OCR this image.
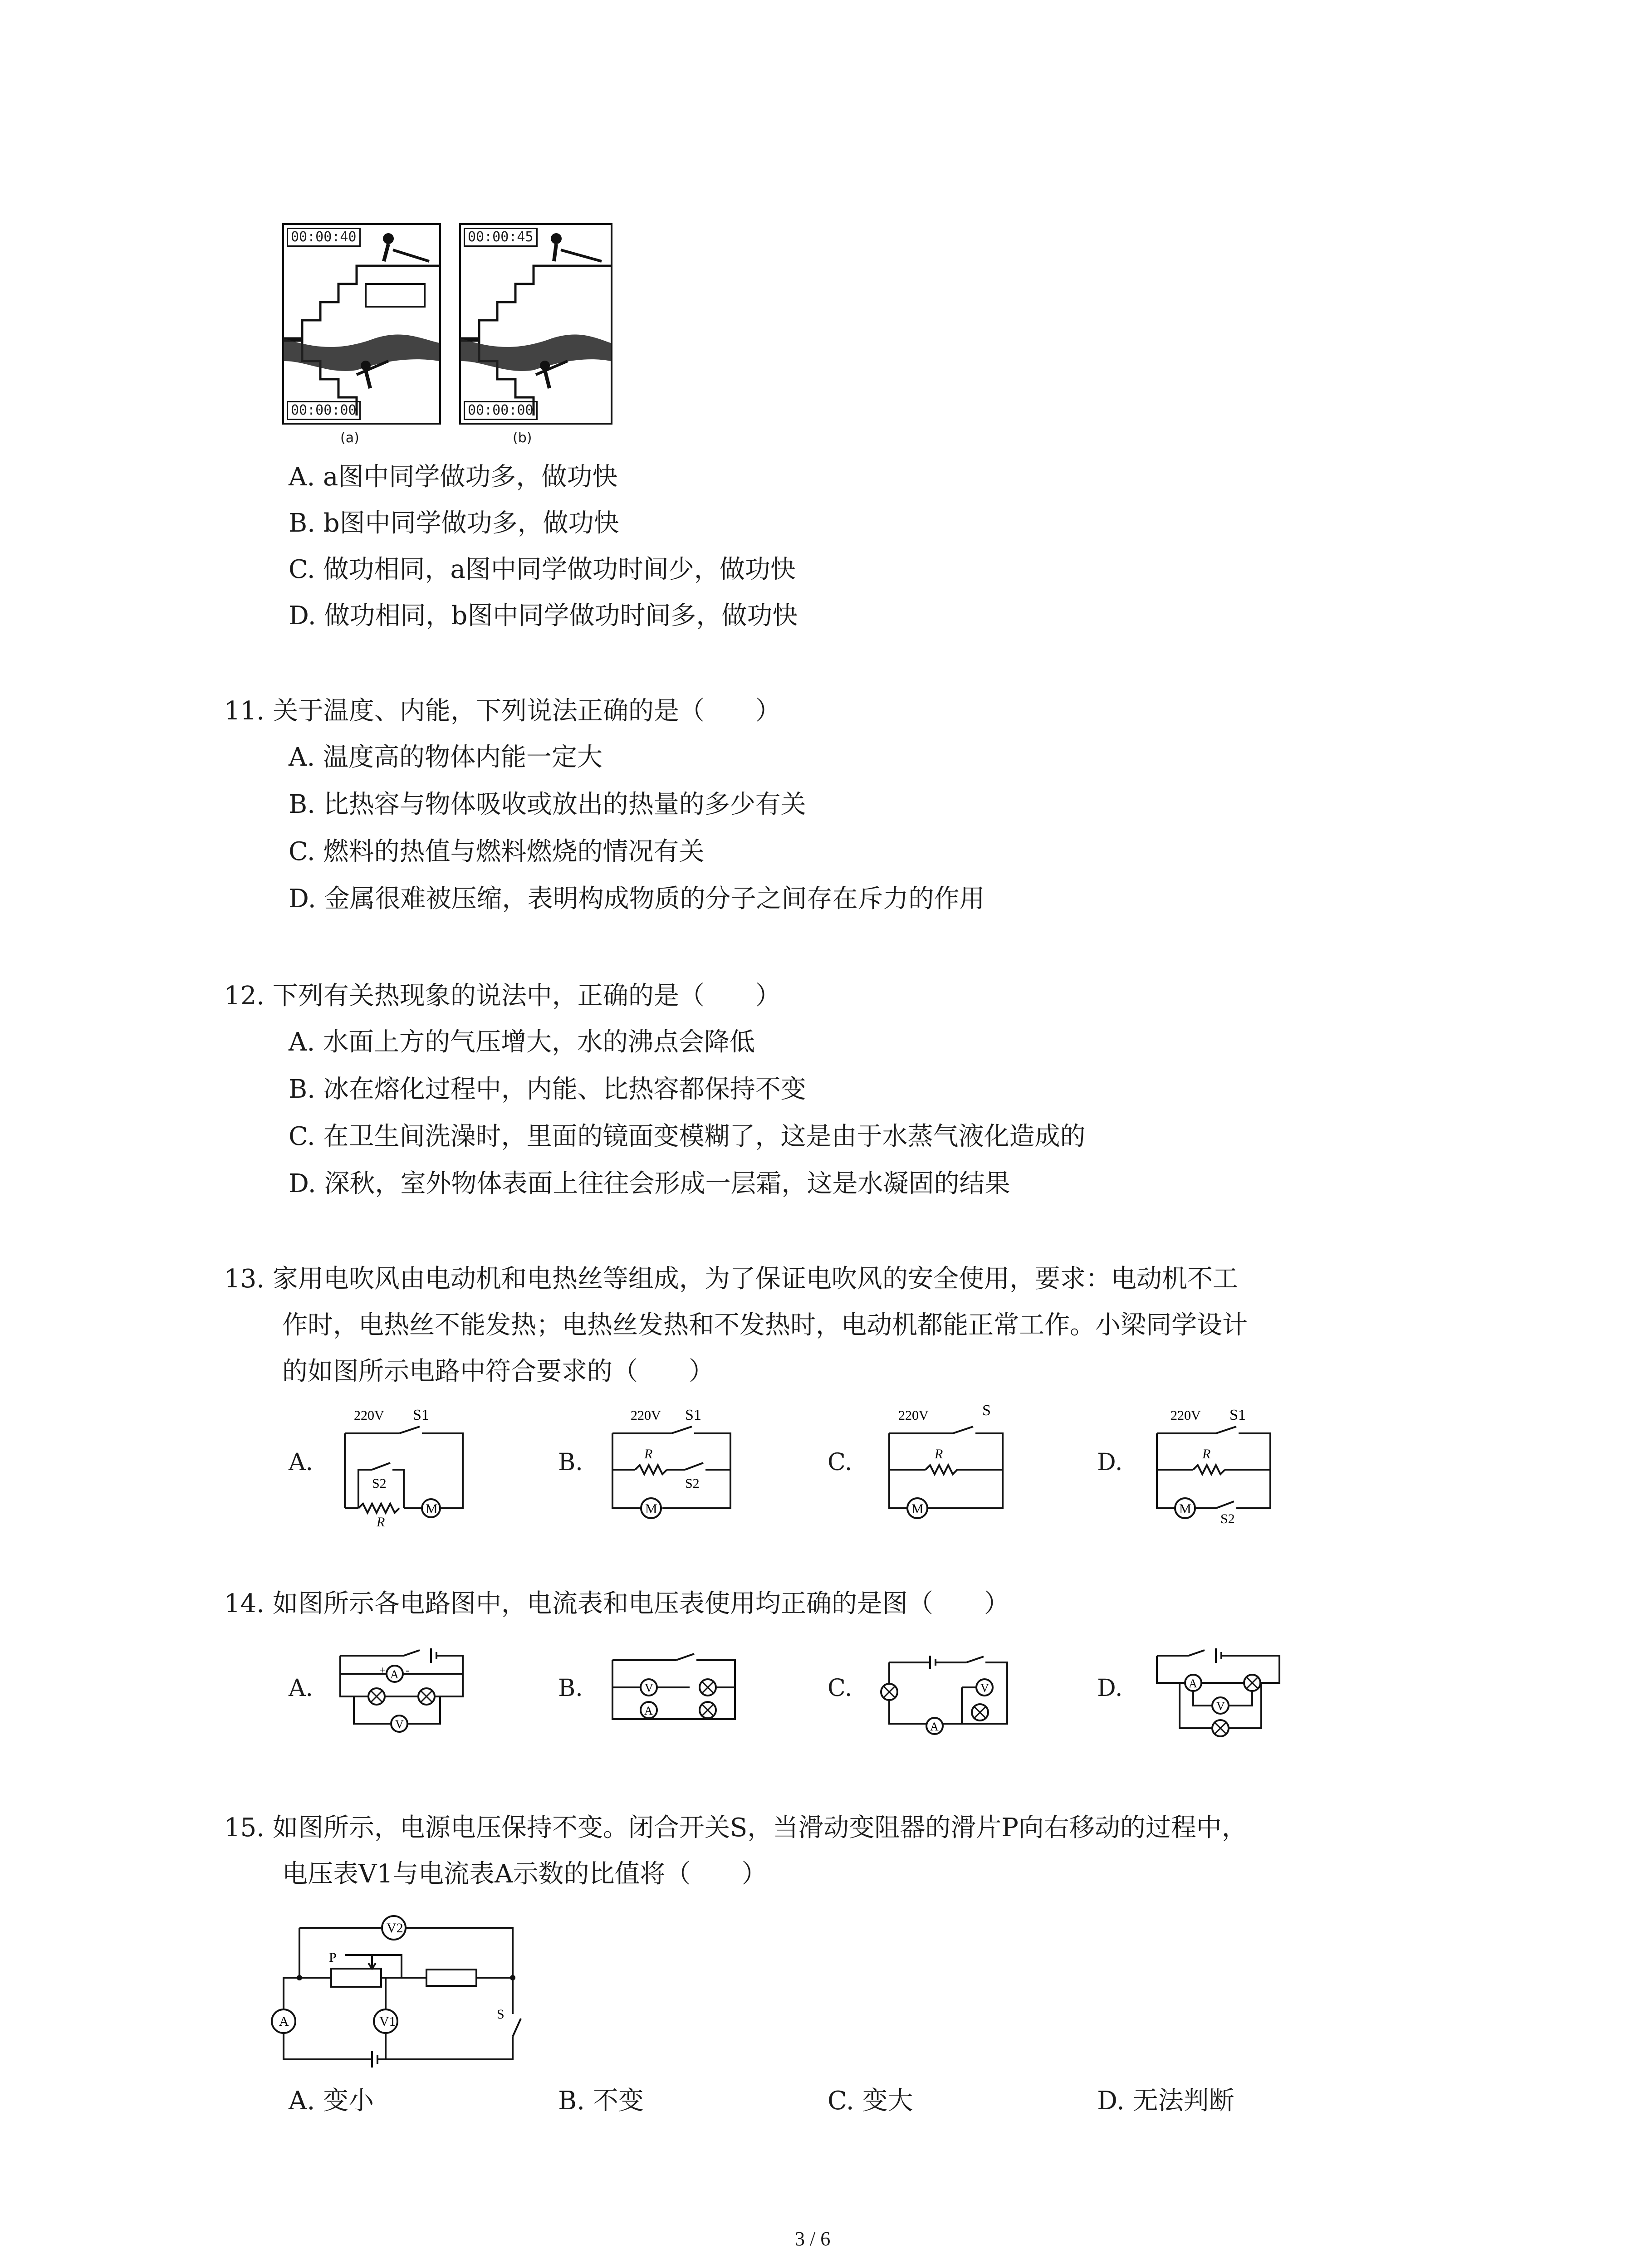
00:00:40
00:00:00
(a)
00:00:45
00:00:00
(b)
A. a图中同学做功多，做功快
B. b图中同学做功多，做功快
C. 做功相同，a图中同学做功时间少，做功快
D. 做功相同，b图中同学做功时间多，做功快
11. 关于温度、内能，下列说法正确的是（　　）
A. 温度高的物体内能一定大
B. 比热容与物体吸收或放出的热量的多少有关
C. 燃料的热值与燃料燃烧的情况有关
D. 金属很难被压缩，表明构成物质的分子之间存在斥力的作用
12. 下列有关热现象的说法中，正确的是（　　）
A. 水面上方的气压增大，水的沸点会降低
B. 冰在熔化过程中，内能、比热容都保持不变
C. 在卫生间洗澡时，里面的镜面变模糊了，这是由于水蒸气液化造成的
D. 深秋，室外物体表面上往往会形成一层霜，这是水凝固的结果
13. 家用电吹风由电动机和电热丝等组成，为了保证电吹风的安全使用，要求：电动机不工
作时，电热丝不能发热；电热丝发热和不发热时，电动机都能正常工作。小梁同学设计
的如图所示电路中符合要求的（　　）
A.	B.	C.	D.
220V S1
M
R
S2
220V S1
M
R
S2
220V	S
M
R
220V S1
M
S2
R
14. 如图所示各电路图中，电流表和电压表使用均正确的是图（　　）
A.	B.	C.	D.
A
+ -
V
V
A
V
A
A
V
15. 如图所示，电源电压保持不变。闭合开关S，当滑动变阻器的滑片P向右移动的过程中，
电压表V1与电流表A示数的比值将（　　）
V2
P
A	S
V1
A. 变小	B. 不变	C. 变大	D. 无法判断
3 / 6
